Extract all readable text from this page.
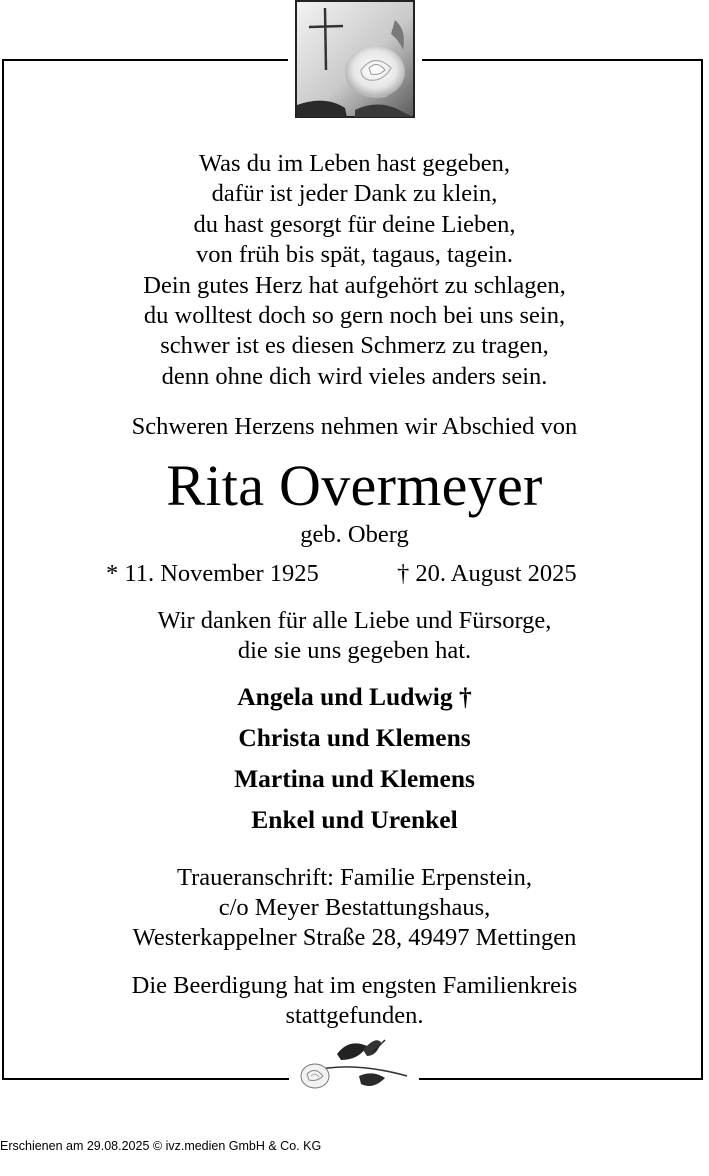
Was du im Leben hast gegeben,
dafür ist jeder Dank zu klein,
du hast gesorgt für deine Lieben,
von früh bis spät, tagaus, tagein.
Dein gutes Herz hat aufgehört zu schlagen,
du wolltest doch so gern noch bei uns sein,
schwer ist es diesen Schmerz zu tragen,
denn ohne dich wird vieles anders sein.
Schweren Herzens nehmen wir Abschied von
Rita Overmeyer
geb. Oberg
* 11. November 1925	† 20. August 2025
Wir danken für alle Liebe und Fürsorge,
die sie uns gegeben hat.
Angela und Ludwig †
Christa und Klemens
Martina und Klemens
Enkel und Urenkel
Traueranschrift: Familie Erpenstein,
c/o Meyer Bestattungshaus,
Westerkappelner Straße 28, 49497 Mettingen
Die Beerdigung hat im engsten Familienkreis
stattgefunden.
Erschienen am 29.08.2025 © ivz.medien GmbH & Co. KG
